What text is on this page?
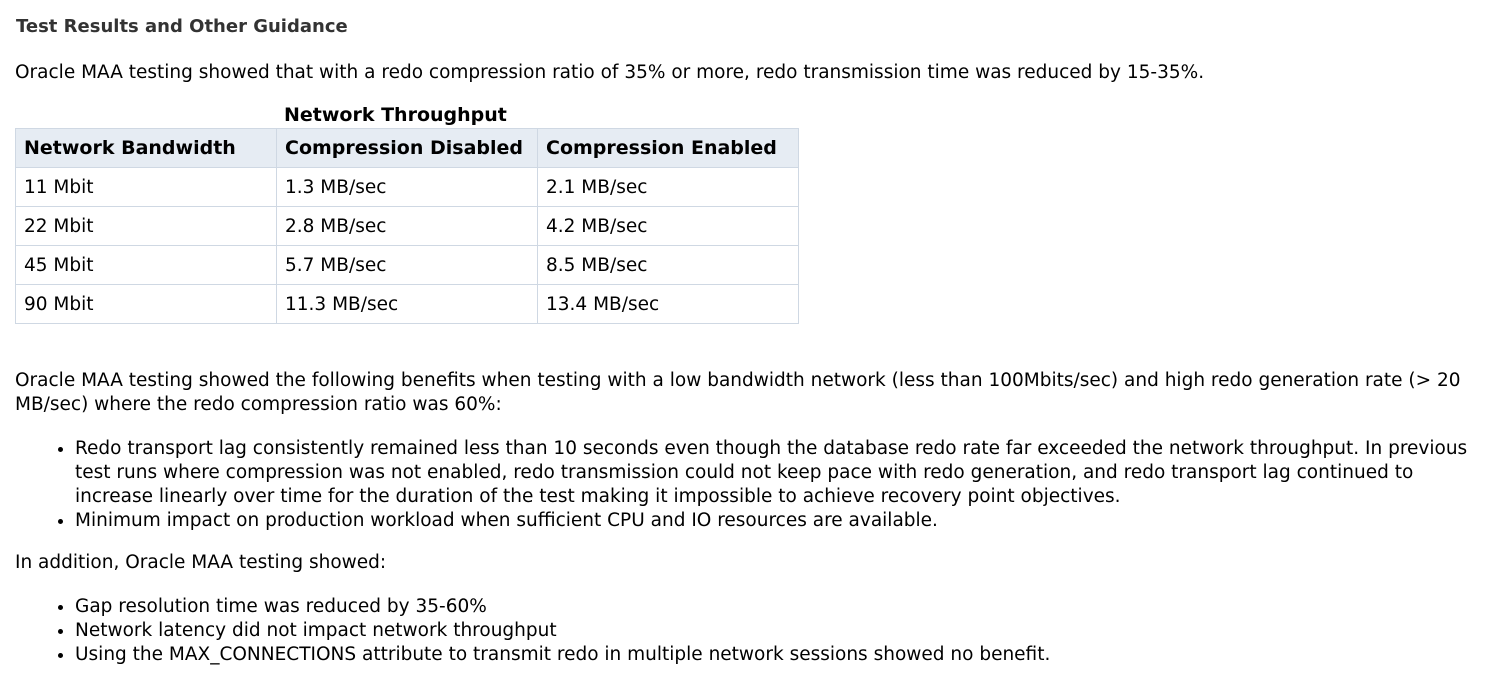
Test Results and Other Guidance
Oracle MAA testing showed that with a redo compression ratio of 35% or more, redo transmission time was reduced by 15-35%.
Network Throughput
Network Bandwidth	Compression Disabled	Compression Enabled
11 Mbit	1.3 MB/sec	2.1 MB/sec
22 Mbit	2.8 MB/sec	4.2 MB/sec
45 Mbit	5.7 MB/sec	8.5 MB/sec
90 Mbit	11.3 MB/sec	13.4 MB/sec
Oracle MAA testing showed the following benefits when testing with a low bandwidth network (less than 100Mbits/sec) and high redo generation rate (> 20 MB/sec) where the redo compression ratio was 60%:
• Redo transport lag consistently remained less than 10 seconds even though the database redo rate far exceeded the network throughput. In previous test runs where compression was not enabled, redo transmission could not keep pace with redo generation, and redo transport lag continued to increase linearly over time for the duration of the test making it impossible to achieve recovery point objectives.
• Minimum impact on production workload when sufficient CPU and IO resources are available.
In addition, Oracle MAA testing showed:
• Gap resolution time was reduced by 35-60%
• Network latency did not impact network throughput
• Using the MAX_CONNECTIONS attribute to transmit redo in multiple network sessions showed no benefit.
